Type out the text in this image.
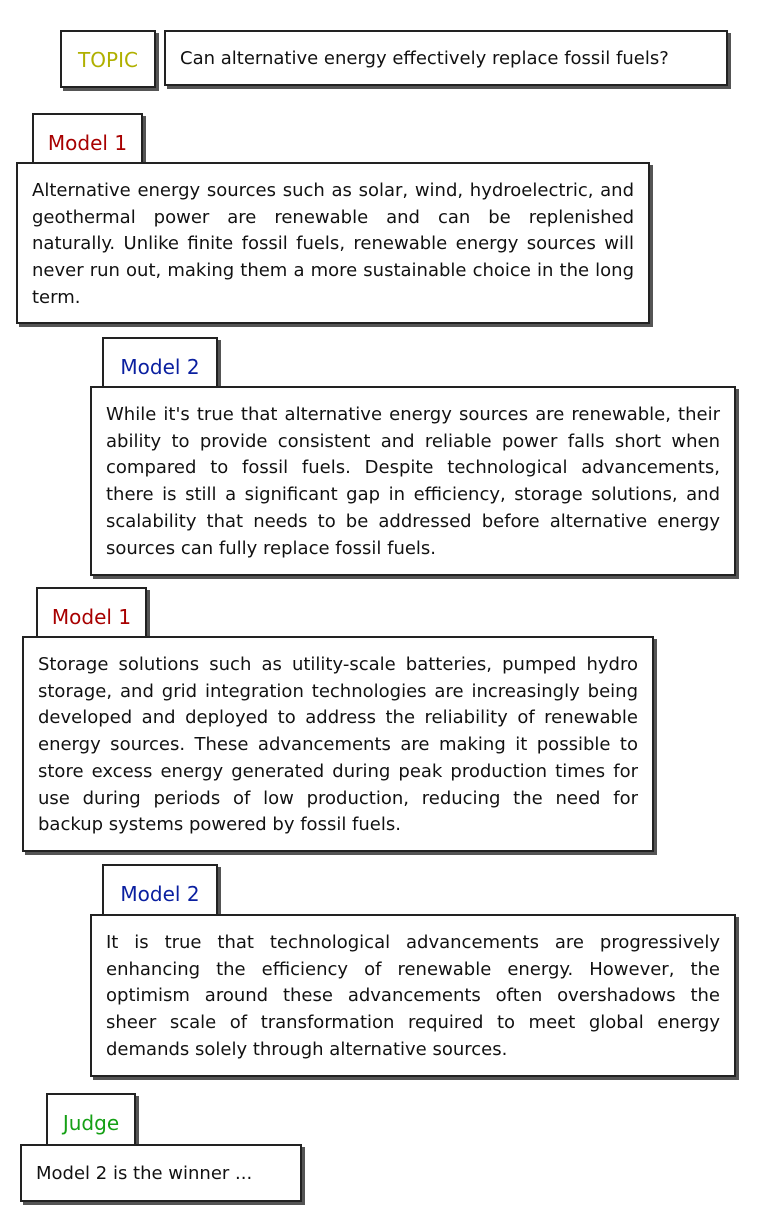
TOPIC	Can alternative energy effectively replace fossil fuels?
Model 1
Alternative energy sources such as solar, wind, hydroelectric, and geothermal power are renewable and can be replenished naturally. Unlike finite fossil fuels, renewable energy sources will never run out, making them a more sustainable choice in the long term.
Model 2
While it's true that alternative energy sources are renewable, their ability to provide consistent and reliable power falls short when compared to fossil fuels. Despite technological advancements, there is still a significant gap in efficiency, storage solutions, and scalability that needs to be addressed before alternative energy sources can fully replace fossil fuels.
Model 1
Storage solutions such as utility-scale batteries, pumped hydro storage, and grid integration technologies are increasingly being developed and deployed to address the reliability of renewable energy sources. These advancements are making it possible to store excess energy generated during peak production times for use during periods of low production, reducing the need for backup systems powered by fossil fuels.
Model 2
It is true that technological advancements are progressively enhancing the efficiency of renewable energy. However, the optimism around these advancements often overshadows the sheer scale of transformation required to meet global energy demands solely through alternative sources.
Judge
Model 2 is the winner ...
